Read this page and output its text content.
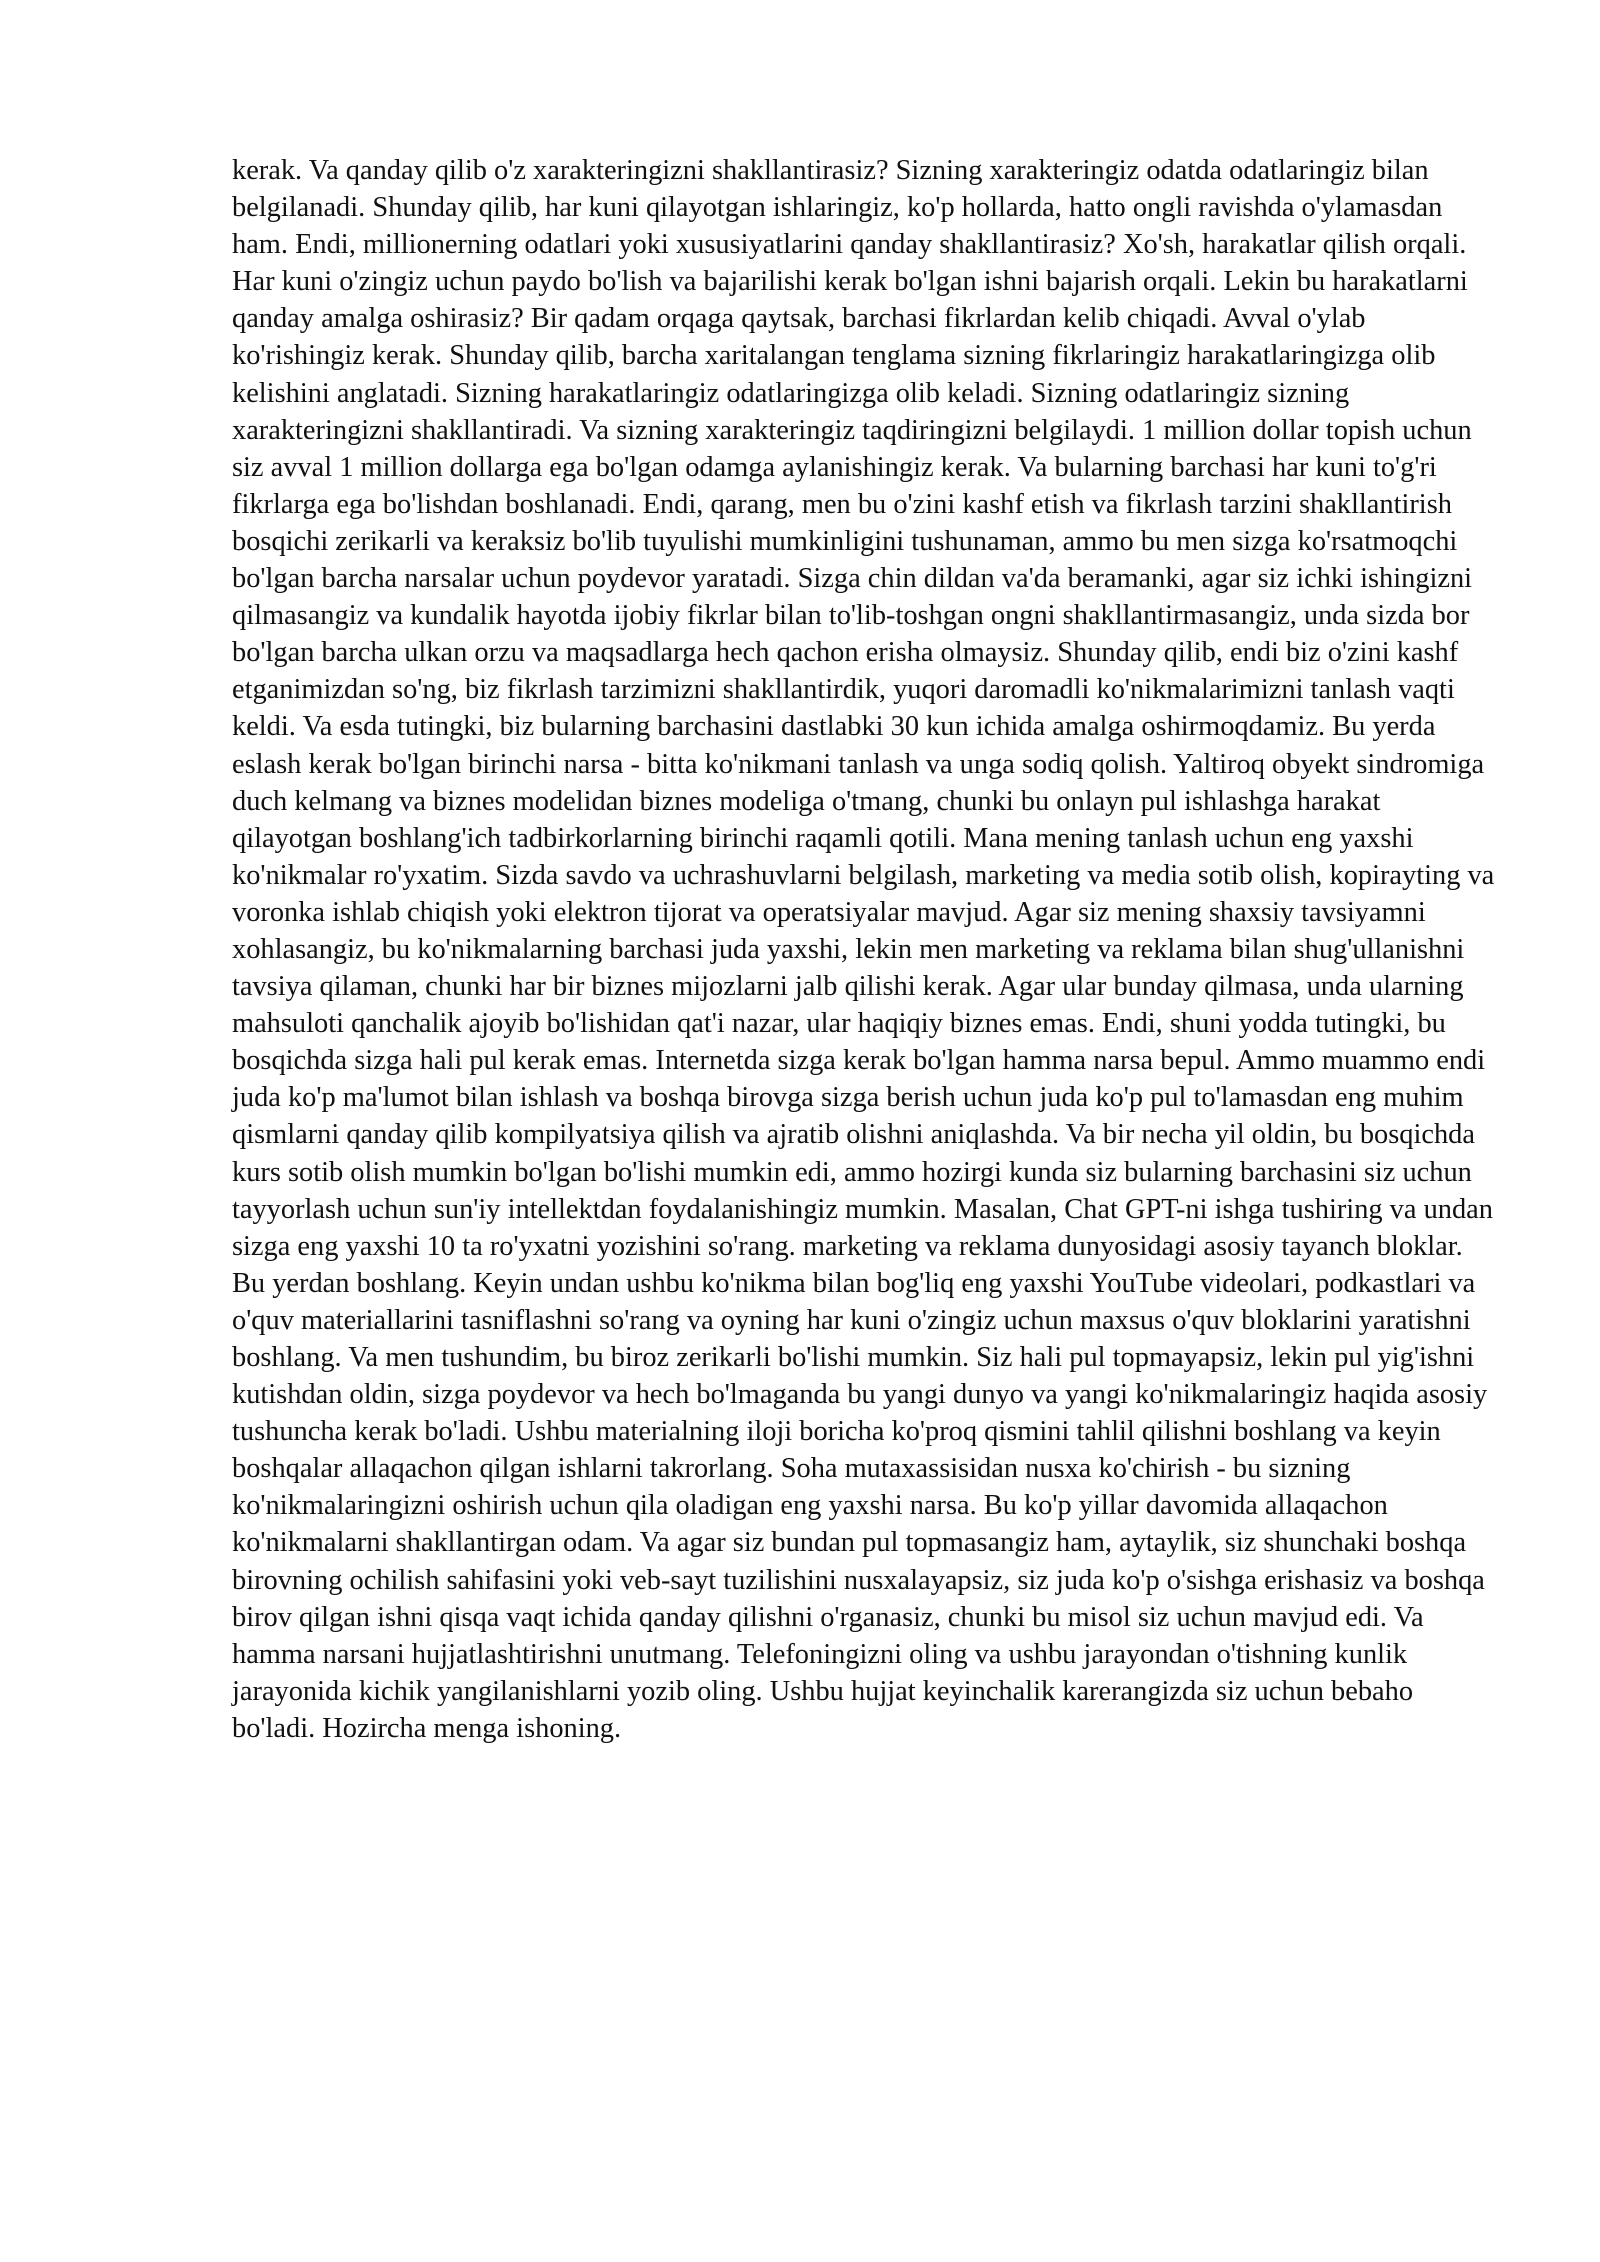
kerak. Va qanday qilib o'z xarakteringizni shakllantirasiz? Sizning xarakteringiz odatda odatlaringiz bilan belgilanadi. Shunday qilib, har kuni qilayotgan ishlaringiz, ko'p hollarda, hatto ongli ravishda o'ylamasdan ham. Endi, millionerning odatlari yoki xususiyatlarini qanday shakllantirasiz? Xo'sh, harakatlar qilish orqali. Har kuni o'zingiz uchun paydo bo'lish va bajarilishi kerak bo'lgan ishni bajarish orqali. Lekin bu harakatlarni qanday amalga oshirasiz? Bir qadam orqaga qaytsak, barchasi fikrlardan kelib chiqadi. Avval o'ylab ko'rishingiz kerak. Shunday qilib, barcha xaritalangan tenglama sizning fikrlaringiz harakatlaringizga olib kelishini anglatadi. Sizning harakatlaringiz odatlaringizga olib keladi. Sizning odatlaringiz sizning xarakteringizni shakllantiradi. Va sizning xarakteringiz taqdiringizni belgilaydi. 1 million dollar topish uchun siz avval 1 million dollarga ega bo'lgan odamga aylanishingiz kerak. Va bularning barchasi har kuni to'g'ri fikrlarga ega bo'lishdan boshlanadi. Endi, qarang, men bu o'zini kashf etish va fikrlash tarzini shakllantirish bosqichi zerikarli va keraksiz bo'lib tuyulishi mumkinligini tushunaman, ammo bu men sizga ko'rsatmoqchi bo'lgan barcha narsalar uchun poydevor yaratadi. Sizga chin dildan va'da beramanki, agar siz ichki ishingizni qilmasangiz va kundalik hayotda ijobiy fikrlar bilan to'lib-toshgan ongni shakllantirmasangiz, unda sizda bor bo'lgan barcha ulkan orzu va maqsadlarga hech qachon erisha olmaysiz. Shunday qilib, endi biz o'zini kashf etganimizdan so'ng, biz fikrlash tarzimizni shakllantirdik, yuqori daromadli ko'nikmalarimizni tanlash vaqti keldi. Va esda tutingki, biz bularning barchasini dastlabki 30 kun ichida amalga oshirmoqdamiz. Bu yerda eslash kerak bo'lgan birinchi narsa - bitta ko'nikmani tanlash va unga sodiq qolish. Yaltiroq obyekt sindromiga duch kelmang va biznes modelidan biznes modeliga o'tmang, chunki bu onlayn pul ishlashga harakat qilayotgan boshlang'ich tadbirkorlarning birinchi raqamli qotili. Mana mening tanlash uchun eng yaxshi ko'nikmalar ro'yxatim. Sizda savdo va uchrashuvlarni belgilash, marketing va media sotib olish, kopirayting va voronka ishlab chiqish yoki elektron tijorat va operatsiyalar mavjud. Agar siz mening shaxsiy tavsiyamni xohlasangiz, bu ko'nikmalarning barchasi juda yaxshi, lekin men marketing va reklama bilan shug'ullanishni tavsiya qilaman, chunki har bir biznes mijozlarni jalb qilishi kerak. Agar ular bunday qilmasa, unda ularning mahsuloti qanchalik ajoyib bo'lishidan qat'i nazar, ular haqiqiy biznes emas. Endi, shuni yodda tutingki, bu bosqichda sizga hali pul kerak emas. Internetda sizga kerak bo'lgan hamma narsa bepul. Ammo muammo endi juda ko'p ma'lumot bilan ishlash va boshqa birovga sizga berish uchun juda ko'p pul to'lamasdan eng muhim qismlarni qanday qilib kompilyatsiya qilish va ajratib olishni aniqlashda. Va bir necha yil oldin, bu bosqichda kurs sotib olish mumkin bo'lgan bo'lishi mumkin edi, ammo hozirgi kunda siz bularning barchasini siz uchun tayyorlash uchun sun'iy intellektdan foydalanishingiz mumkin. Masalan, Chat GPT-ni ishga tushiring va undan sizga eng yaxshi 10 ta ro'yxatni yozishini so'rang. marketing va reklama dunyosidagi asosiy tayanch bloklar.

Bu yerdan boshlang. Keyin undan ushbu ko'nikma bilan bog'liq eng yaxshi YouTube videolari, podkastlari va o'quv materiallarini tasniflashni so'rang va oyning har kuni o'zingiz uchun maxsus o'quv bloklarini yaratishni boshlang. Va men tushundim, bu biroz zerikarli bo'lishi mumkin. Siz hali pul topmayapsiz, lekin pul yig'ishni kutishdan oldin, sizga poydevor va hech bo'lmaganda bu yangi dunyo va yangi ko'nikmalaringiz haqida asosiy tushuncha kerak bo'ladi. Ushbu materialning iloji boricha ko'proq qismini tahlil qilishni boshlang va keyin boshqalar allaqachon qilgan ishlarni takrorlang. Soha mutaxassisidan nusxa ko'chirish - bu sizning ko'nikmalaringizni oshirish uchun qila oladigan eng yaxshi narsa. Bu ko'p yillar davomida allaqachon ko'nikmalarni shakllantirgan odam. Va agar siz bundan pul topmasangiz ham, aytaylik, siz shunchaki boshqa birovning ochilish sahifasini yoki veb-sayt tuzilishini nusxalayapsiz, siz juda ko'p o'sishga erishasiz va boshqa birov qilgan ishni qisqa vaqt ichida qanday qilishni o'rganasiz, chunki bu misol siz uchun mavjud edi. Va hamma narsani hujjatlashtirishni unutmang. Telefoningizni oling va ushbu jarayondan o'tishning kunlik jarayonida kichik yangilanishlarni yozib oling. Ushbu hujjat keyinchalik karerangizda siz uchun bebaho bo'ladi. Hozircha menga ishoning.
